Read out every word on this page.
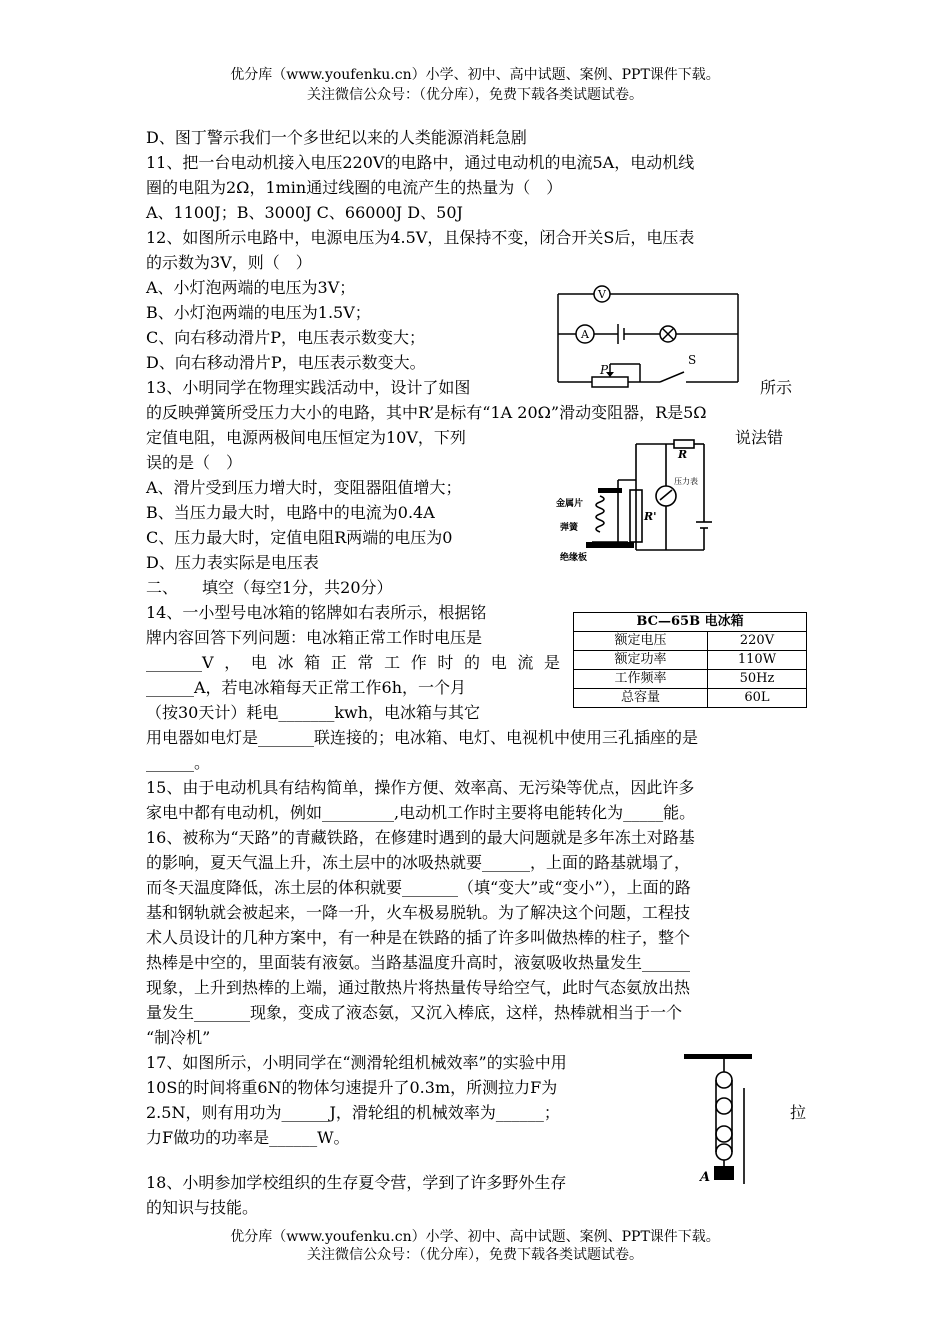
优分库（www.youfenku.cn）小学、初中、高中试题、案例、PPT课件下载。
关注微信公众号：（优分库），免费下载各类试题试卷。
D、图丁警示我们一个多世纪以来的人类能源消耗急剧
11、把一台电动机接入电压220V的电路中，通过电动机的电流5A，电动机线
圈的电阻为2Ω，1min通过线圈的电流产生的热量为（　）
A、1100J；B、3000J C、66000J D、50J
12、如图所示电路中，电源电压为4.5V，且保持不变，闭合开关S后，电压表
的示数为3V，则（　）
A、小灯泡两端的电压为3V；
B、小灯泡两端的电压为1.5V；
C、向右移动滑片P，电压表示数变大；
D、向右移动滑片P，电压表示数变大。
13、小明同学在物理实践活动中，设计了如图	所示
的反映弹簧所受压力大小的电路，其中R’是标有“1A 20Ω”滑动变阻器，R是5Ω
定值电阻，电源两极间电压恒定为10V，下列	说法错
误的是（　）
A、滑片受到压力增大时，变阻器阻值增大；
B、当压力最大时，电路中的电流为0.4A
C、压力最大时，定值电阻R两端的电压为0
D、压力表实际是电压表
二、　　填空（每空1分，共20分）
14、一小型号电冰箱的铭牌如右表所示，根据铭
牌内容回答下列问题：电冰箱正常工作时电压是
_______V，电冰箱正常工作时的电流是
______A，若电冰箱每天正常工作6h，一个月
（按30天计）耗电_______kwh，电冰箱与其它
用电器如电灯是_______联连接的；电冰箱、电灯、电视机中使用三孔插座的是
______。
15、由于电动机具有结构简单，操作方便、效率高、无污染等优点，因此许多
家电中都有电动机，例如_________,电动机工作时主要将电能转化为_____能。
16、被称为“天路”的青藏铁路，在修建时遇到的最大问题就是多年冻土对路基
的影响，夏天气温上升，冻土层中的冰吸热就要______，上面的路基就塌了，
而冬天温度降低，冻土层的体积就要_______（填“变大”或“变小”），上面的路
基和钢轨就会被起来，一降一升，火车极易脱轨。为了解决这个问题，工程技
术人员设计的几种方案中，有一种是在铁路的插了许多叫做热棒的柱子，整个
热棒是中空的，里面装有液氨。当路基温度升高时，液氨吸收热量发生______
现象，上升到热棒的上端，通过散热片将热量传导给空气，此时气态氨放出热
量发生_______现象，变成了液态氨，又沉入棒底，这样，热棒就相当于一个
“制冷机”
17、如图所示，小明同学在“测滑轮组机械效率”的实验中用
10S的时间将重6N的物体匀速提升了0.3m，所测拉力F为
2.5N，则有用功为______J，滑轮组的机械效率为______；	拉
力F做功的功率是______W。
18、小明参加学校组织的生存夏令营，学到了许多野外生存
的知识与技能。
V
A
P
S
R
R'
压力表
金属片
弹簧
绝缘板
A
BC—65B 电冰箱	
额定电压	220V
额定功率	110W
工作频率	50Hz
总容量	60L
优分库（www.youfenku.cn）小学、初中、高中试题、案例、PPT课件下载。
关注微信公众号：（优分库），免费下载各类试题试卷。
